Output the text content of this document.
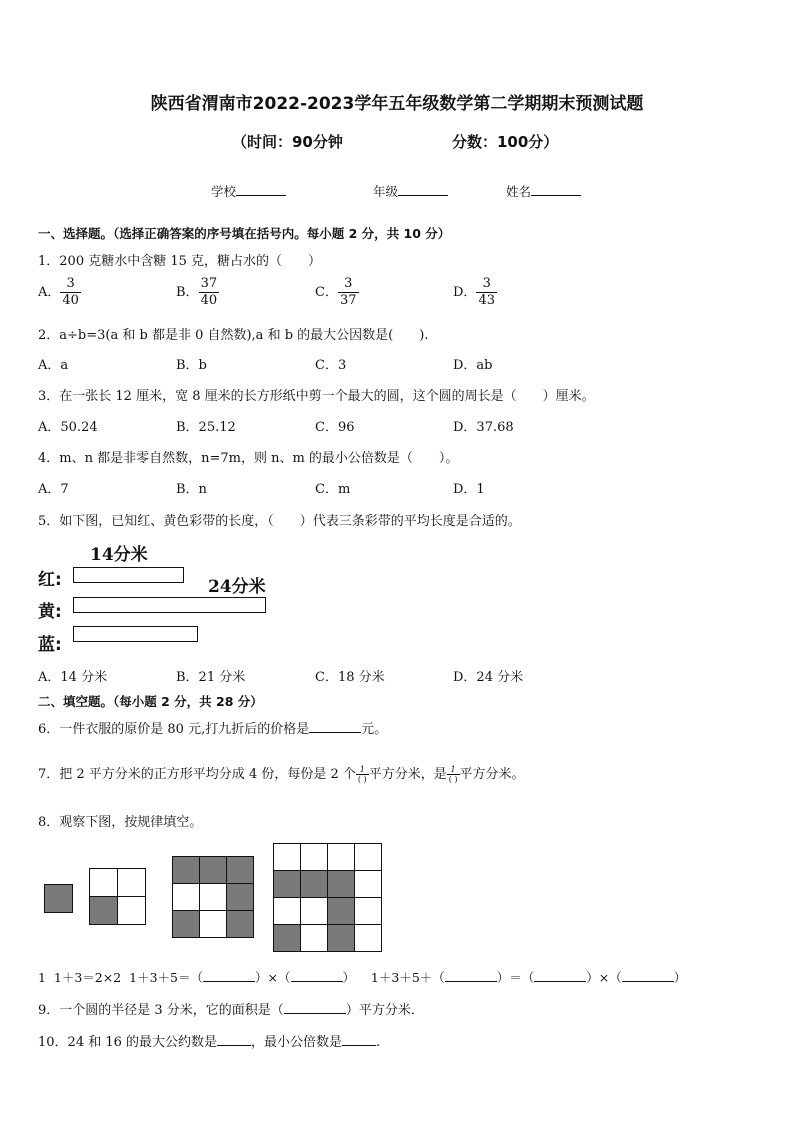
陕西省渭南市2022-2023学年五年级数学第二学期期末预测试题
（时间：90分钟	分数：100分）
学校	年级	姓名
一、选择题。（选择正确答案的序号填在括号内。每小题 2 分，共 10 分）
1．200 克糖水中含糖 15 克，糖占水的（　　）
A． $\frac{3}{40}$	B． $\frac{37}{40}$	C． $\frac{3}{37}$	D． $\frac{3}{43}$
2．a÷b=3(a 和 b 都是非 0 自然数),a 和 b 的最大公因数是(　　).
A．a	B．b	C．3	D．ab
3．在一张长 12 厘米，宽 8 厘米的长方形纸中剪一个最大的圆，这个圆的周长是（　　）厘米。
A．50.24	B．25.12	C．96	D．37.68
4．m、n 都是非零自然数，n=7m，则 n、m 的最小公倍数是（　　）。
A．7	B．n	C．m	D．1
5．如下图，已知红、黄色彩带的长度，（　　）代表三条彩带的平均长度是合适的。
14分米
24分米
红:
黄:
蓝:
A．14 分米	B．21 分米	C．18 分米	D．24 分米
二、填空题。（每小题 2 分，共 28 分）
6．一件衣服的原价是 80 元,打九折后的价格是	元。
7．把 2 平方分米的正方形平均分成 4 份，每份是 2 个 $\frac{1}{( )}$ 平方分米，是 $\frac{1}{( )}$ 平方分米。
8．观察下图，按规律填空。
1 1＋3＝2×2 1＋3＋5＝（	）×（	） 1＋3＋5＋（	）＝（	）×（	）
9．一个圆的半径是 3 分米，它的面积是（	）平方分米．
10．24 和 16 的最大公约数是	，最小公倍数是	.
